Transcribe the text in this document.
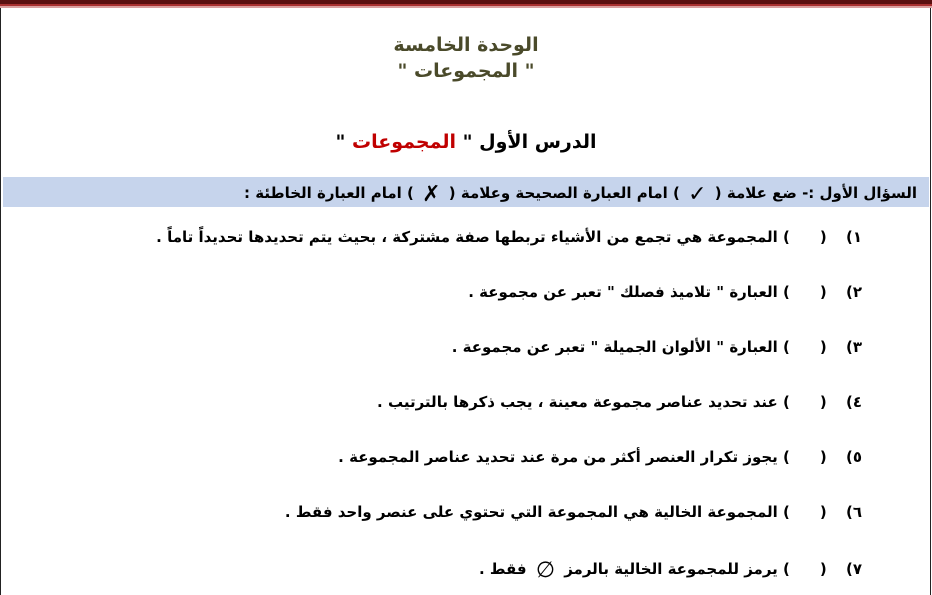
الوحدة الخامسة
" المجموعات "
الدرس الأول " المجموعات "
السؤال الأول :- ضع علامة ( ✓ ) امام العبارة الصحيحة وعلامة ( ✗ ) امام العبارة الخاطئة :
١) () المجموعة هي تجمع من الأشياء تربطها صفة مشتركة ، بحيث يتم تحديدها تحديداً تاماً .
٢) () العبارة " تلاميذ فصلك " تعبر عن مجموعة .
٣) () العبارة " الألوان الجميلة " تعبر عن مجموعة .
٤) () عند تحديد عناصر مجموعة معينة ، يجب ذكرها بالترتيب .
٥) () يجوز تكرار العنصر أكثر من مرة عند تحديد عناصر المجموعة .
٦) () المجموعة الخالية هي المجموعة التي تحتوي على عنصر واحد فقط .
٧) () يرمز للمجموعة الخالية بالرمز ∅ فقط .
